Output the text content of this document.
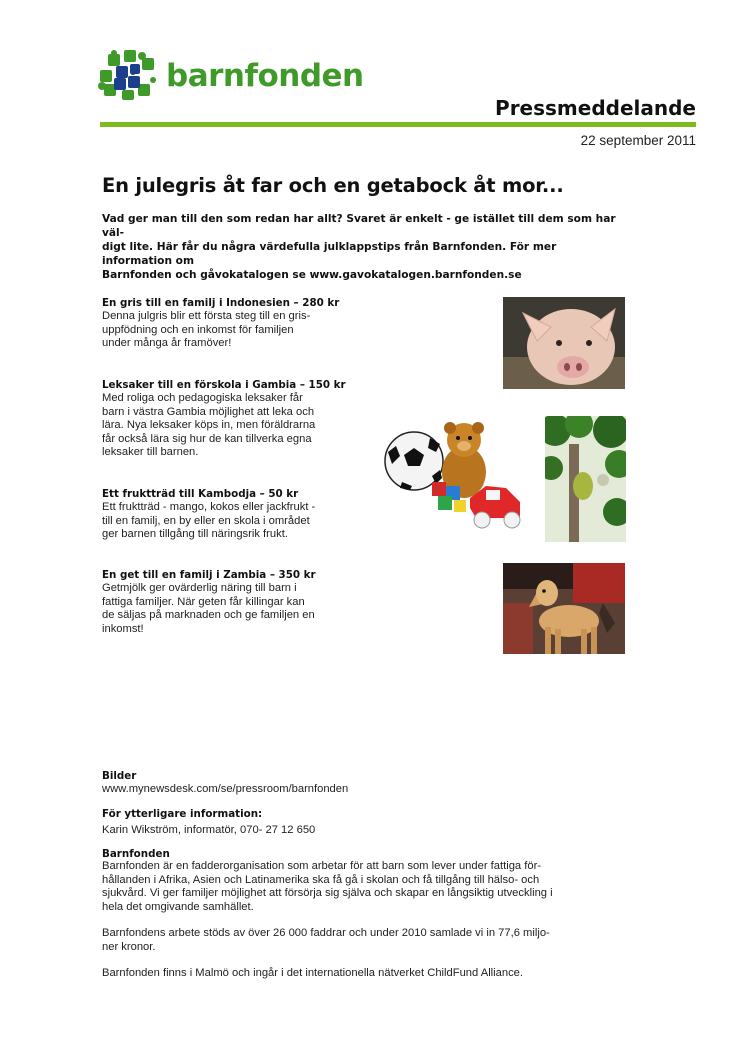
barnfonden
Pressmeddelande
22 september 2011
En julegris åt far och en getabock åt mor...
Vad ger man till den som redan har allt? Svaret är enkelt - ge istället till dem som har väl-
digt lite. Här får du några värdefulla julklappstips från Barnfonden. För mer information om
Barnfonden och gåvokatalogen se www.gavokatalogen.barnfonden.se
En gris till en familj i Indonesien – 280 kr
Denna julgris blir ett första steg till en gris-
uppfödning och en inkomst för familjen
under många år framöver!
Leksaker till en förskola i Gambia – 150 kr
Med roliga och pedagogiska leksaker får
barn i västra Gambia möjlighet att leka och
lära. Nya leksaker köps in, men föräldrarna
får också lära sig hur de kan tillverka egna
leksaker till barnen.
Ett fruktträd till Kambodja – 50 kr
Ett fruktträd - mango, kokos eller jackfrukt -
till en familj, en by eller en skola i området
ger barnen tillgång till näringsrik frukt.
En get till en familj i Zambia – 350 kr
Getmjölk ger ovärderlig näring till barn i
fattiga familjer. När geten får killingar kan
de säljas på marknaden och ge familjen en
inkomst!
Bilder
www.mynewsdesk.com/se/pressroom/barnfonden
För ytterligare information:
Karin Wikström, informatör, 070- 27 12 650
Barnfonden
Barnfonden är en fadderorganisation som arbetar för att barn som lever under fattiga för-
hållanden i Afrika, Asien och Latinamerika ska få gå i skolan och få tillgång till hälso- och
sjukvård. Vi ger familjer möjlighet att försörja sig själva och skapar en långsiktig utveckling i
hela det omgivande samhället.
Barnfondens arbete stöds av över 26 000 faddrar och under 2010 samlade vi in 77,6 miljo-
ner kronor.
Barnfonden finns i Malmö och ingår i det internationella nätverket ChildFund Alliance.
